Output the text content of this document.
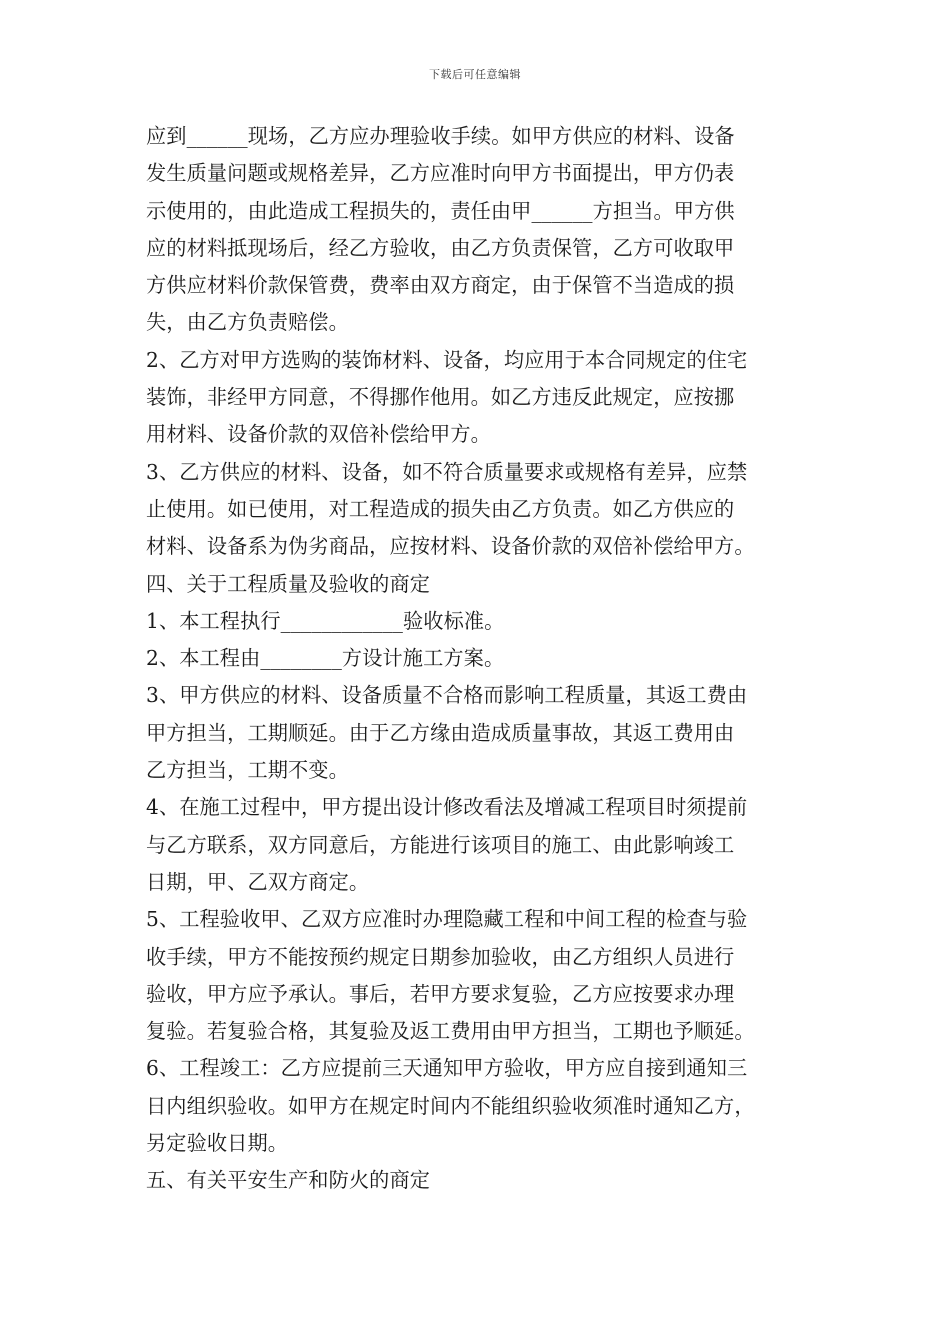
下载后可任意编辑
应到______现场，乙方应办理验收手续。如甲方供应的材料、设备
发生质量问题或规格差异，乙方应准时向甲方书面提出，甲方仍表
示使用的，由此造成工程损失的，责任由甲______方担当。甲方供
应的材料抵现场后，经乙方验收，由乙方负责保管，乙方可收取甲
方供应材料价款保管费，费率由双方商定，由于保管不当造成的损
失，由乙方负责赔偿。
2、乙方对甲方选购的装饰材料、设备，均应用于本合同规定的住宅
装饰，非经甲方同意，不得挪作他用。如乙方违反此规定，应按挪
用材料、设备价款的双倍补偿给甲方。
3、乙方供应的材料、设备，如不符合质量要求或规格有差异，应禁
止使用。如已使用，对工程造成的损失由乙方负责。如乙方供应的
材料、设备系为伪劣商品，应按材料、设备价款的双倍补偿给甲方。
四、关于工程质量及验收的商定
1、本工程执行____________验收标准。
2、本工程由________方设计施工方案。
3、甲方供应的材料、设备质量不合格而影响工程质量，其返工费由
甲方担当，工期顺延。由于乙方缘由造成质量事故，其返工费用由
乙方担当，工期不变。
4、在施工过程中，甲方提出设计修改看法及增减工程项目时须提前
与乙方联系，双方同意后，方能进行该项目的施工、由此影响竣工
日期，甲、乙双方商定。
5、工程验收甲、乙双方应准时办理隐藏工程和中间工程的检查与验
收手续，甲方不能按预约规定日期参加验收，由乙方组织人员进行
验收，甲方应予承认。事后，若甲方要求复验，乙方应按要求办理
复验。若复验合格，其复验及返工费用由甲方担当，工期也予顺延。
6、工程竣工：乙方应提前三天通知甲方验收，甲方应自接到通知三
日内组织验收。如甲方在规定时间内不能组织验收须准时通知乙方，
另定验收日期。
五、有关平安生产和防火的商定
